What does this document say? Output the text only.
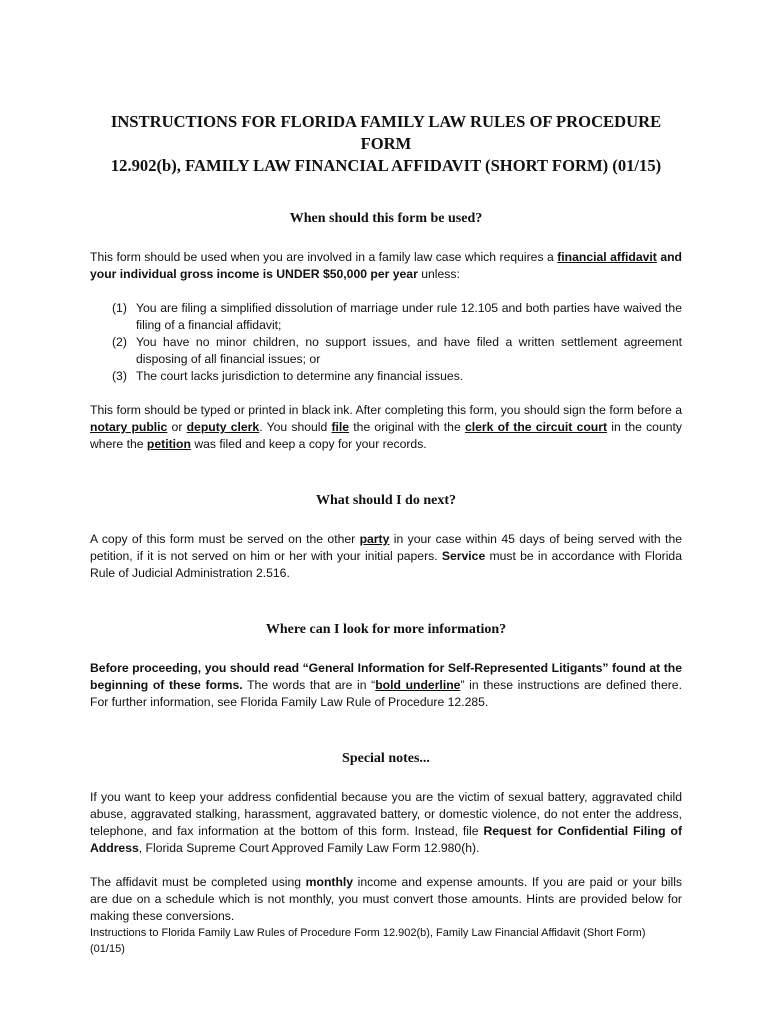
INSTRUCTIONS FOR FLORIDA FAMILY LAW RULES OF PROCEDURE FORM
12.902(b), FAMILY LAW FINANCIAL AFFIDAVIT (SHORT FORM) (01/15)
When should this form be used?

This form should be used when you are involved in a family law case which requires a financial affidavit and your individual gross income is UNDER $50,000 per year unless:

(1) You are filing a simplified dissolution of marriage under rule 12.105 and both parties have waived the filing of a financial affidavit;
(2) You have no minor children, no support issues, and have filed a written settlement agreement disposing of all financial issues; or
(3) The court lacks jurisdiction to determine any financial issues.

This form should be typed or printed in black ink. After completing this form, you should sign the form before a notary public or deputy clerk. You should file the original with the clerk of the circuit court in the county where the petition was filed and keep a copy for your records.

What should I do next?

A copy of this form must be served on the other party in your case within 45 days of being served with the petition, if it is not served on him or her with your initial papers. Service must be in accordance with Florida Rule of Judicial Administration 2.516.

Where can I look for more information?

Before proceeding, you should read “General Information for Self-Represented Litigants” found at the beginning of these forms. The words that are in “bold underline” in these instructions are defined there. For further information, see Florida Family Law Rule of Procedure 12.285.

Special notes...

If you want to keep your address confidential because you are the victim of sexual battery, aggravated child abuse, aggravated stalking, harassment, aggravated battery, or domestic violence, do not enter the address, telephone, and fax information at the bottom of this form. Instead, file Request for Confidential Filing of Address, Florida Supreme Court Approved Family Law Form 12.980(h).

The affidavit must be completed using monthly income and expense amounts. If you are paid or your bills are due on a schedule which is not monthly, you must convert those amounts. Hints are provided below for making these conversions.

Instructions to Florida Family Law Rules of Procedure Form 12.902(b), Family Law Financial Affidavit (Short Form) (01/15)
